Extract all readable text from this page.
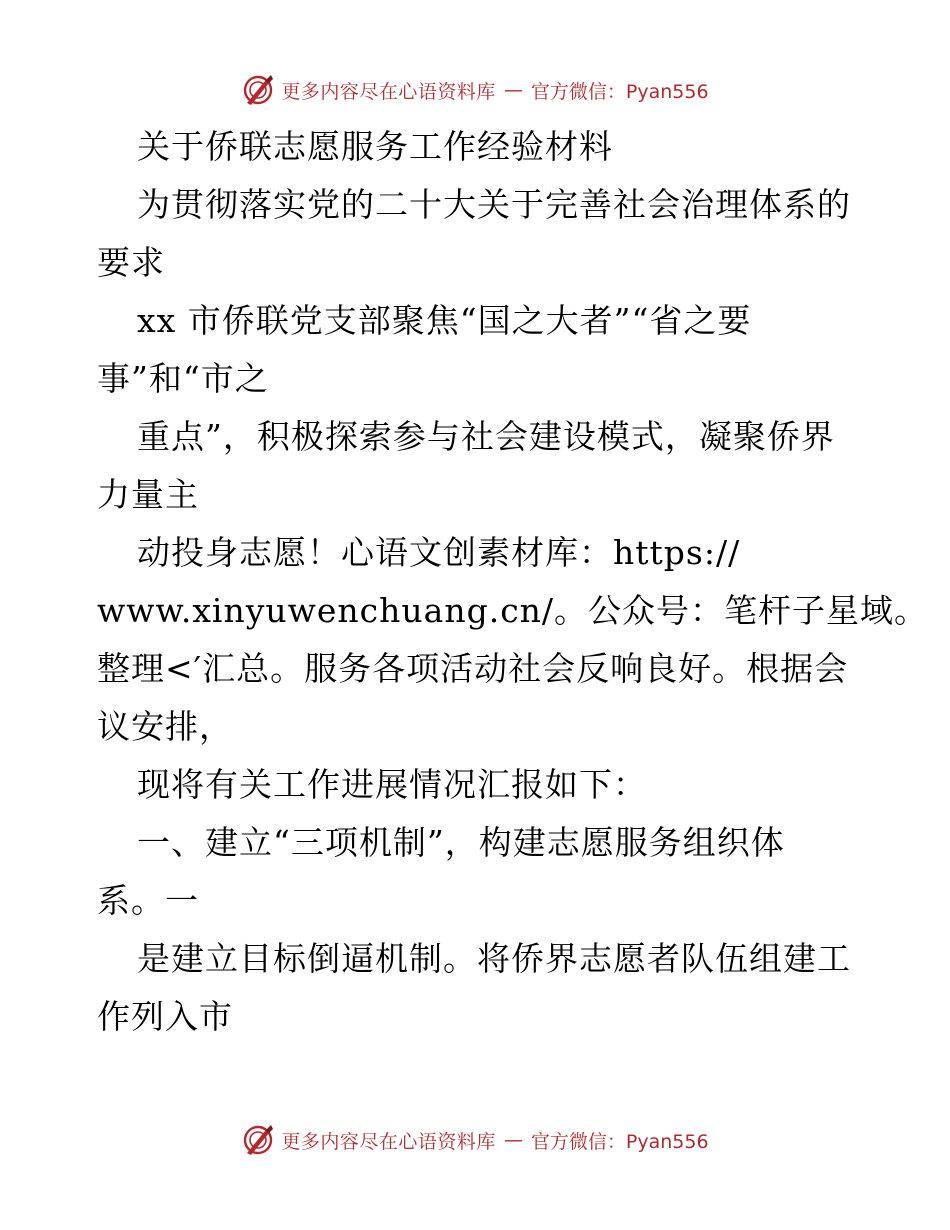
更多内容尽在心语资料库 — 官方微信：Pyan556
关于侨联志愿服务工作经验材料
为贯彻落实党的二十大关于完善社会治理体系的
要求
xx 市侨联党支部聚焦“国之大者”“省之要
事”和“市之
重点”，积极探索参与社会建设模式，凝聚侨界
力量主
动投身志愿！心语文创素材库：https://
www.xinyuwenchuang.cn/。公众号：笔杆子星域。
整理<′汇总。服务各项活动社会反响良好。根据会
议安排，
现将有关工作进展情况汇报如下：
一、建立“三项机制”，构建志愿服务组织体
系。一
是建立目标倒逼机制。将侨界志愿者队伍组建工
作列入市
更多内容尽在心语资料库 — 官方微信：Pyan556
